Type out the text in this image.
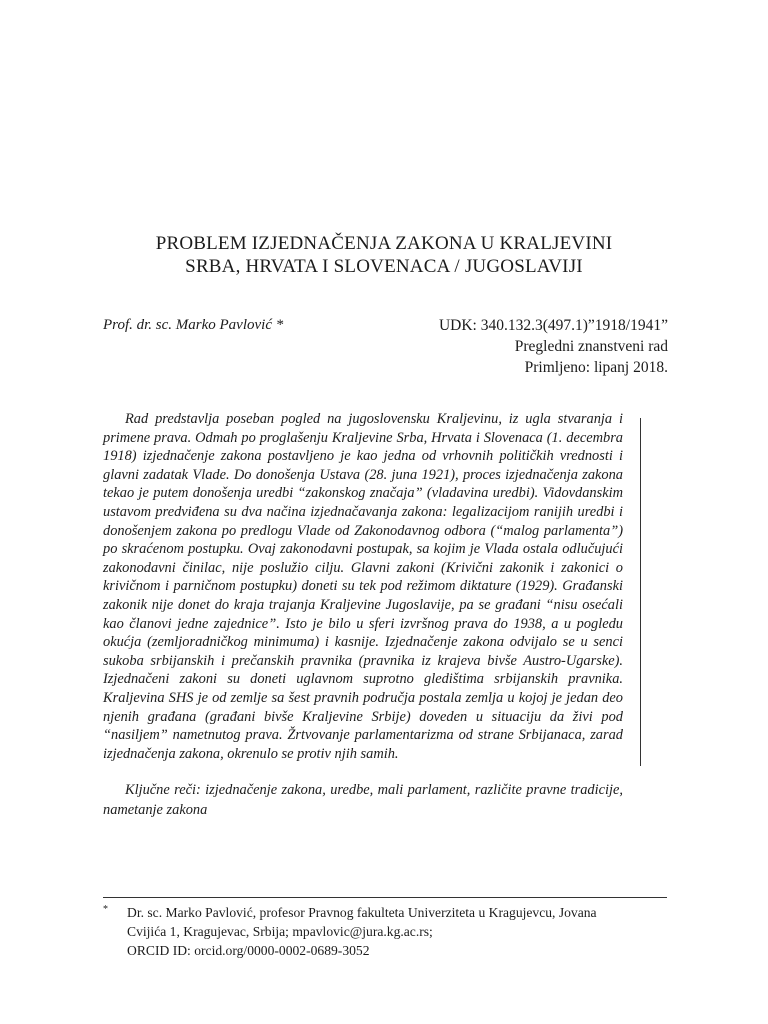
PROBLEM IZJEDNAČENJA ZAKONA U KRALJEVINI
SRBA, HRVATA I SLOVENACA / JUGOSLAVIJI
Prof. dr. sc. Marko Pavlović *	UDK: 340.132.3(497.1)”1918/1941”
Pregledni znanstveni rad
Primljeno: lipanj 2018.

Rad predstavlja poseban pogled na jugoslovensku Kraljevinu, iz ugla stvaranja i primene prava. Odmah po proglašenju Kraljevine Srba, Hrvata i Slovenaca (1. decembra 1918) izjednačenje zakona postavljeno je kao jedna od vrhovnih političkih vrednosti i glavni zadatak Vlade. Do donošenja Ustava (28. juna 1921), proces izjednačenja zakona tekao je putem donošenja uredbi “zakonskog značaja” (vladavina uredbi). Vidovdanskim ustavom predviđena su dva načina izjednačavanja zakona: legalizacijom ranijih uredbi i donošenjem zakona po predlogu Vlade od Zakonodavnog odbora (“malog parlamenta”) po skraćenom postupku. Ovaj zakonodavni postupak, sa kojim je Vlada ostala odlučujući zakonodavni činilac, nije poslužio cilju. Glavni zakoni (Krivični zakonik i zakonici o krivičnom i parničnom postupku) doneti su tek pod režimom diktature (1929). Građanski zakonik nije donet do kraja trajanja Kraljevine Jugoslavije, pa se građani “nisu osećali kao članovi jedne zajednice”. Isto je bilo u sferi izvršnog prava do 1938, a u pogledu okućja (zemljoradničkog minimuma) i kasnije. Izjednačenje zakona odvijalo se u senci sukoba srbijanskih i prečanskih pravnika (pravnika iz krajeva bivše Austro-Ugarske). Izjednačeni zakoni su doneti uglavnom suprotno gledištima srbijanskih pravnika. Kraljevina SHS je od zemlje sa šest pravnih područja postala zemlja u kojoj je jedan deo njenih građana (građani bivše Kraljevine Srbije) doveden u situaciju da živi pod “nasiljem” nametnutog prava. Žrtvovanje parlamentarizma od strane Srbijanaca, zarad izjednačenja zakona, okrenulo se protiv njih samih.

Ključne reči: izjednačenje zakona, uredbe, mali parlament, različite pravne tradicije, nametanje zakona

* Dr. sc. Marko Pavlović, profesor Pravnog fakulteta Univerziteta u Kragujevcu, Jovana
Cvijića 1, Kragujevac, Srbija; mpavlovic@jura.kg.ac.rs;
ORCID ID: orcid.org/0000-0002-0689-3052
